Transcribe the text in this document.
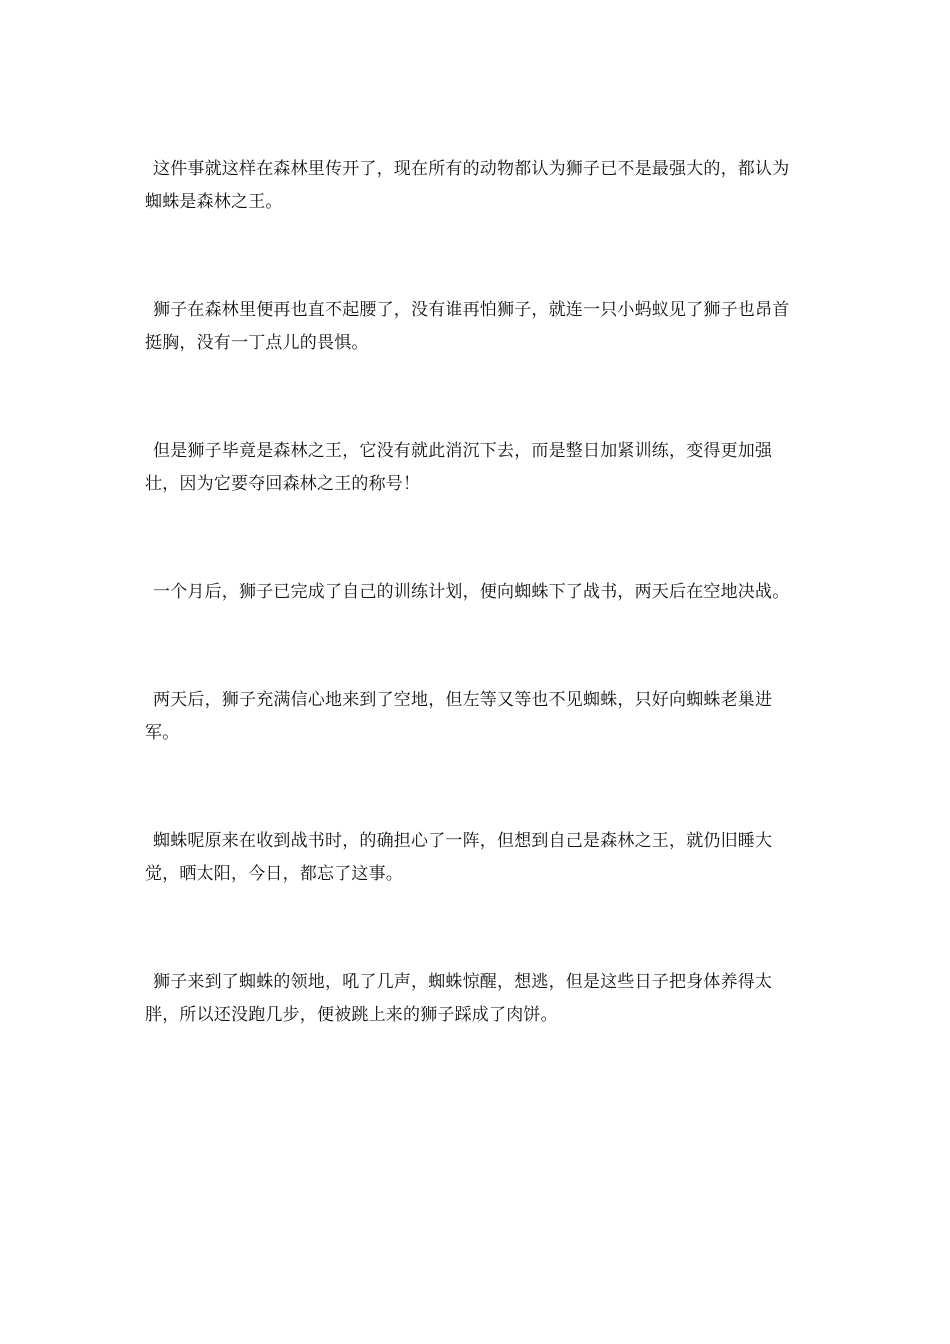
这件事就这样在森林里传开了，现在所有的动物都认为狮子已不是最强大的，都认为蜘蛛是森林之王。

狮子在森林里便再也直不起腰了，没有谁再怕狮子，就连一只小蚂蚁见了狮子也昂首挺胸，没有一丁点儿的畏惧。

但是狮子毕竟是森林之王，它没有就此消沉下去，而是整日加紧训练，变得更加强壮，因为它要夺回森林之王的称号！

一个月后，狮子已完成了自己的训练计划，便向蜘蛛下了战书，两天后在空地决战。

两天后，狮子充满信心地来到了空地，但左等又等也不见蜘蛛，只好向蜘蛛老巢进军。

蜘蛛呢原来在收到战书时，的确担心了一阵，但想到自己是森林之王，就仍旧睡大觉，晒太阳，今日，都忘了这事。

狮子来到了蜘蛛的领地，吼了几声，蜘蛛惊醒，想逃，但是这些日子把身体养得太胖，所以还没跑几步，便被跳上来的狮子踩成了肉饼。
